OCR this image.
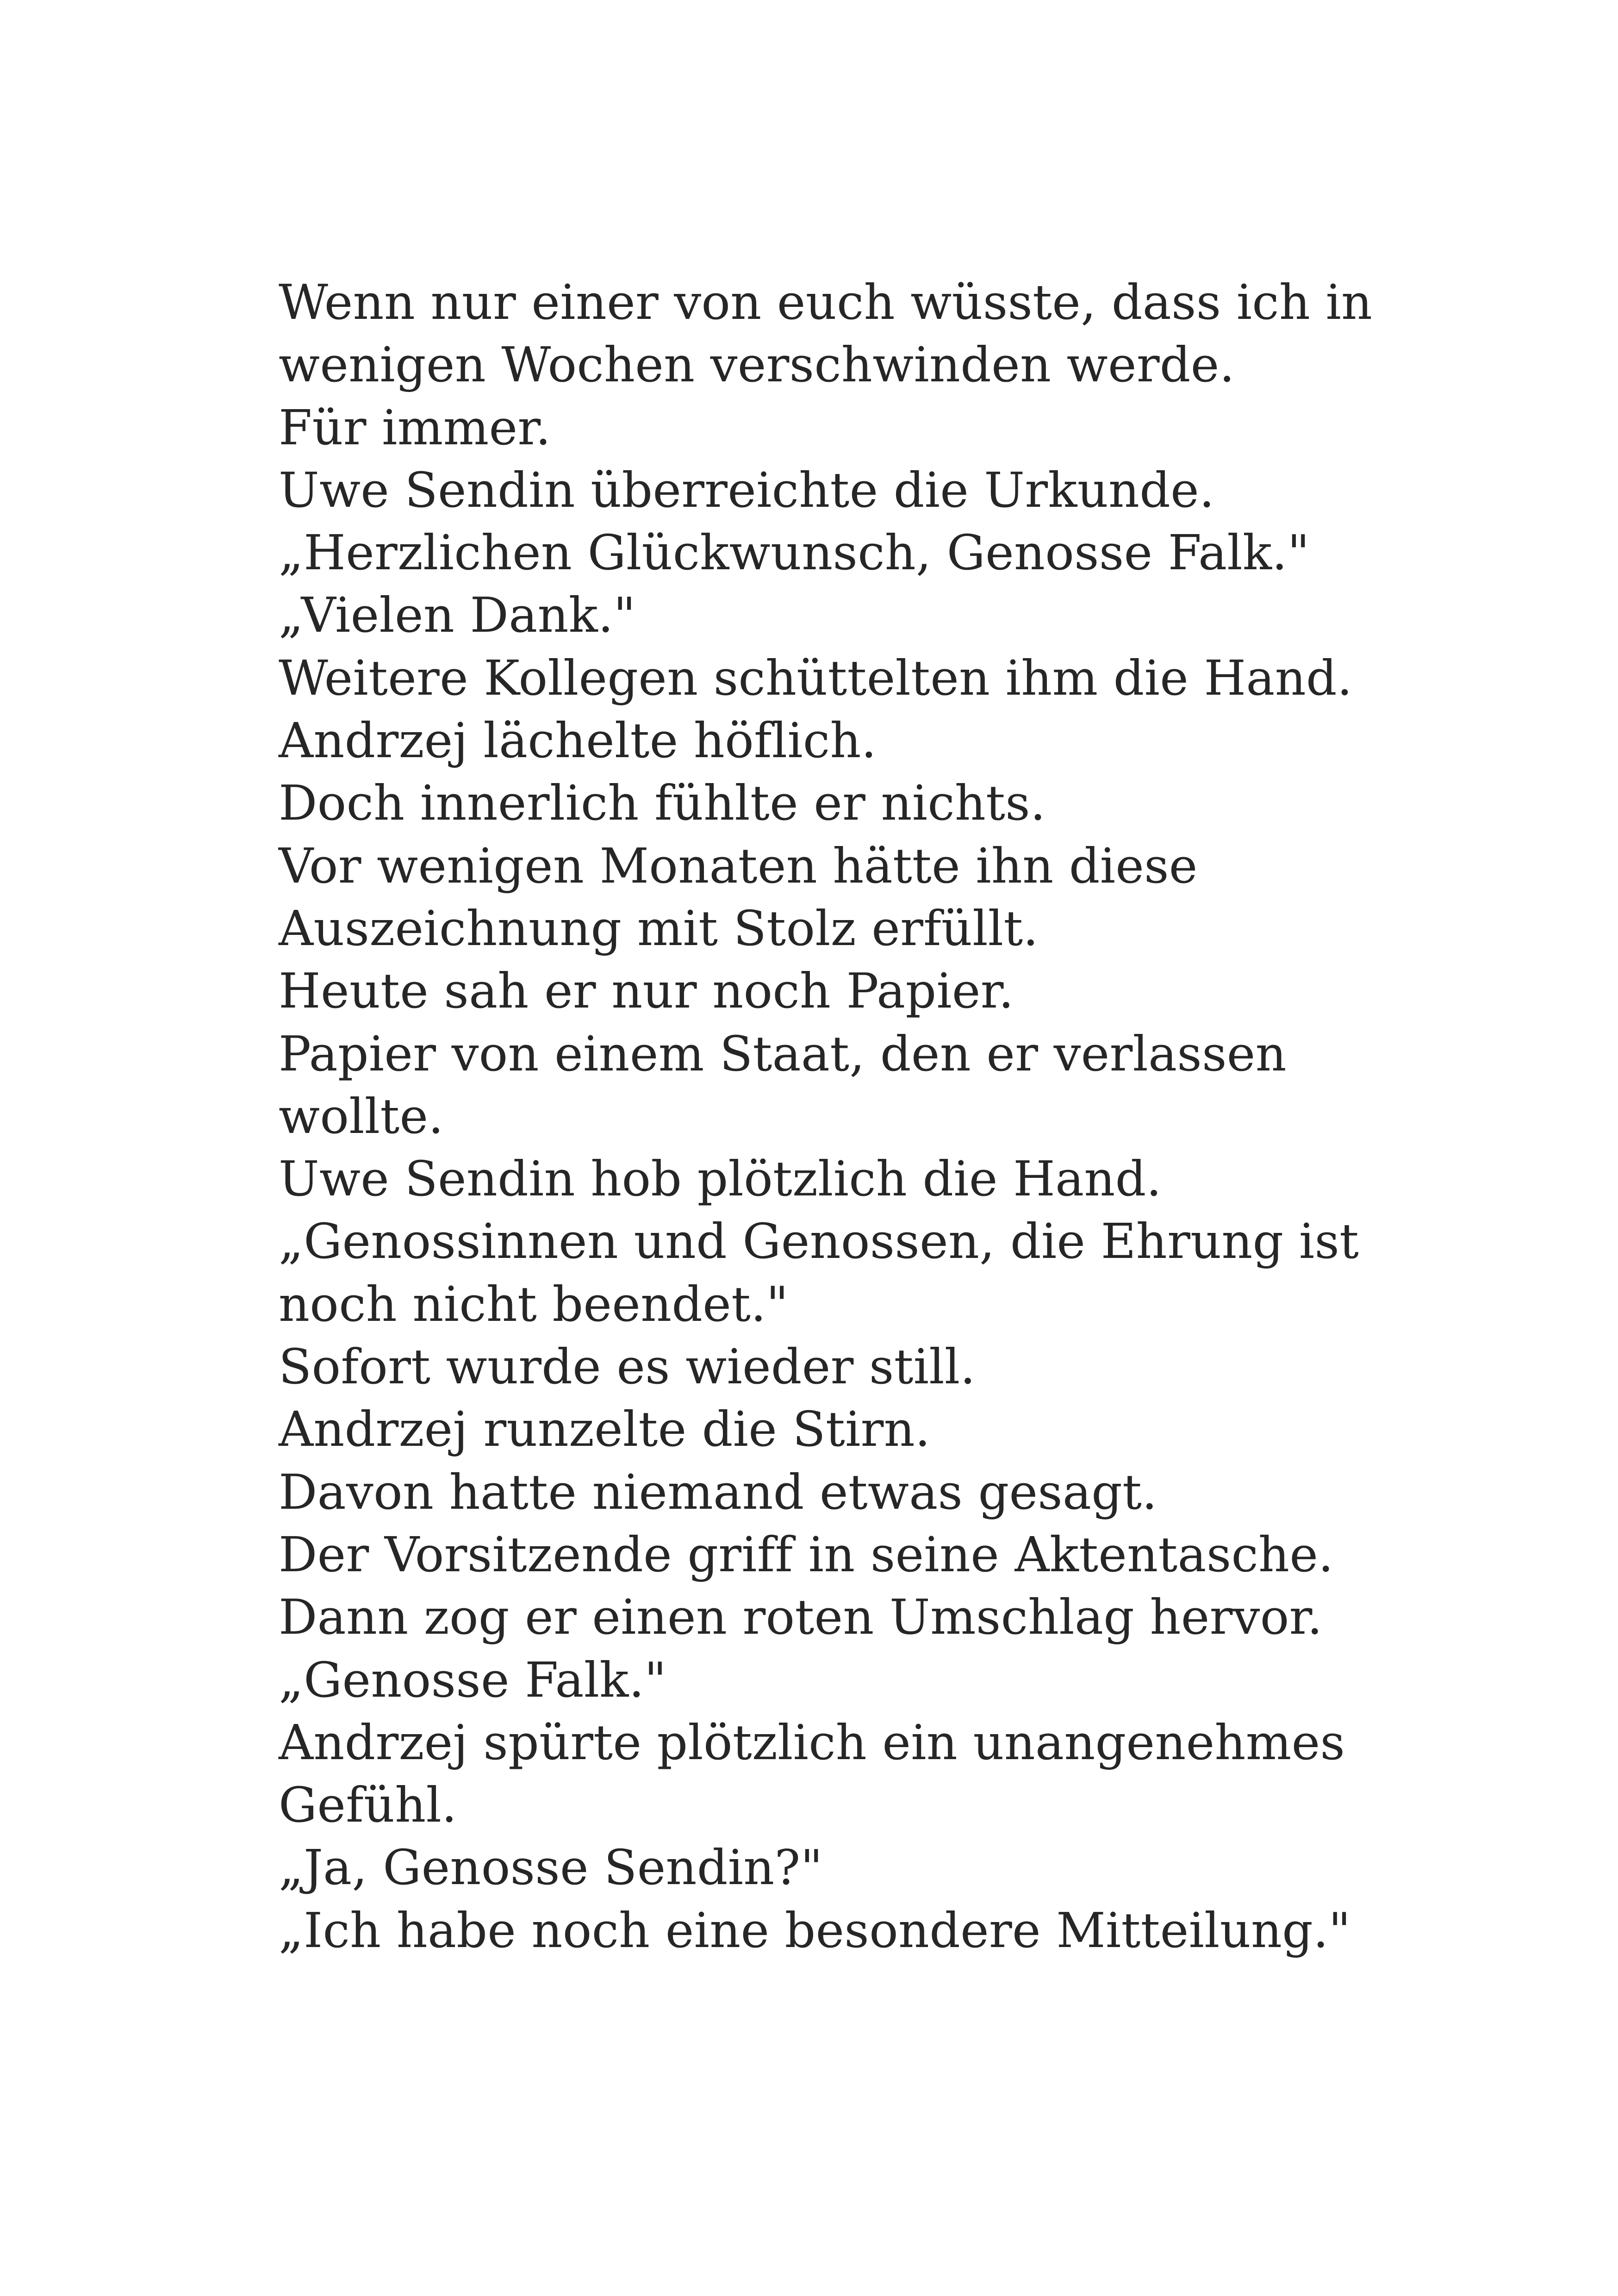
Wenn nur einer von euch wüsste, dass ich in
wenigen Wochen verschwinden werde.
Für immer.
Uwe Sendin überreichte die Urkunde.
„Herzlichen Glückwunsch, Genosse Falk."
„Vielen Dank."
Weitere Kollegen schüttelten ihm die Hand.
Andrzej lächelte höflich.
Doch innerlich fühlte er nichts.
Vor wenigen Monaten hätte ihn diese
Auszeichnung mit Stolz erfüllt.
Heute sah er nur noch Papier.
Papier von einem Staat, den er verlassen
wollte.
Uwe Sendin hob plötzlich die Hand.
„Genossinnen und Genossen, die Ehrung ist
noch nicht beendet."
Sofort wurde es wieder still.
Andrzej runzelte die Stirn.
Davon hatte niemand etwas gesagt.
Der Vorsitzende griff in seine Aktentasche.
Dann zog er einen roten Umschlag hervor.
„Genosse Falk."
Andrzej spürte plötzlich ein unangenehmes
Gefühl.
„Ja, Genosse Sendin?"
„Ich habe noch eine besondere Mitteilung."
